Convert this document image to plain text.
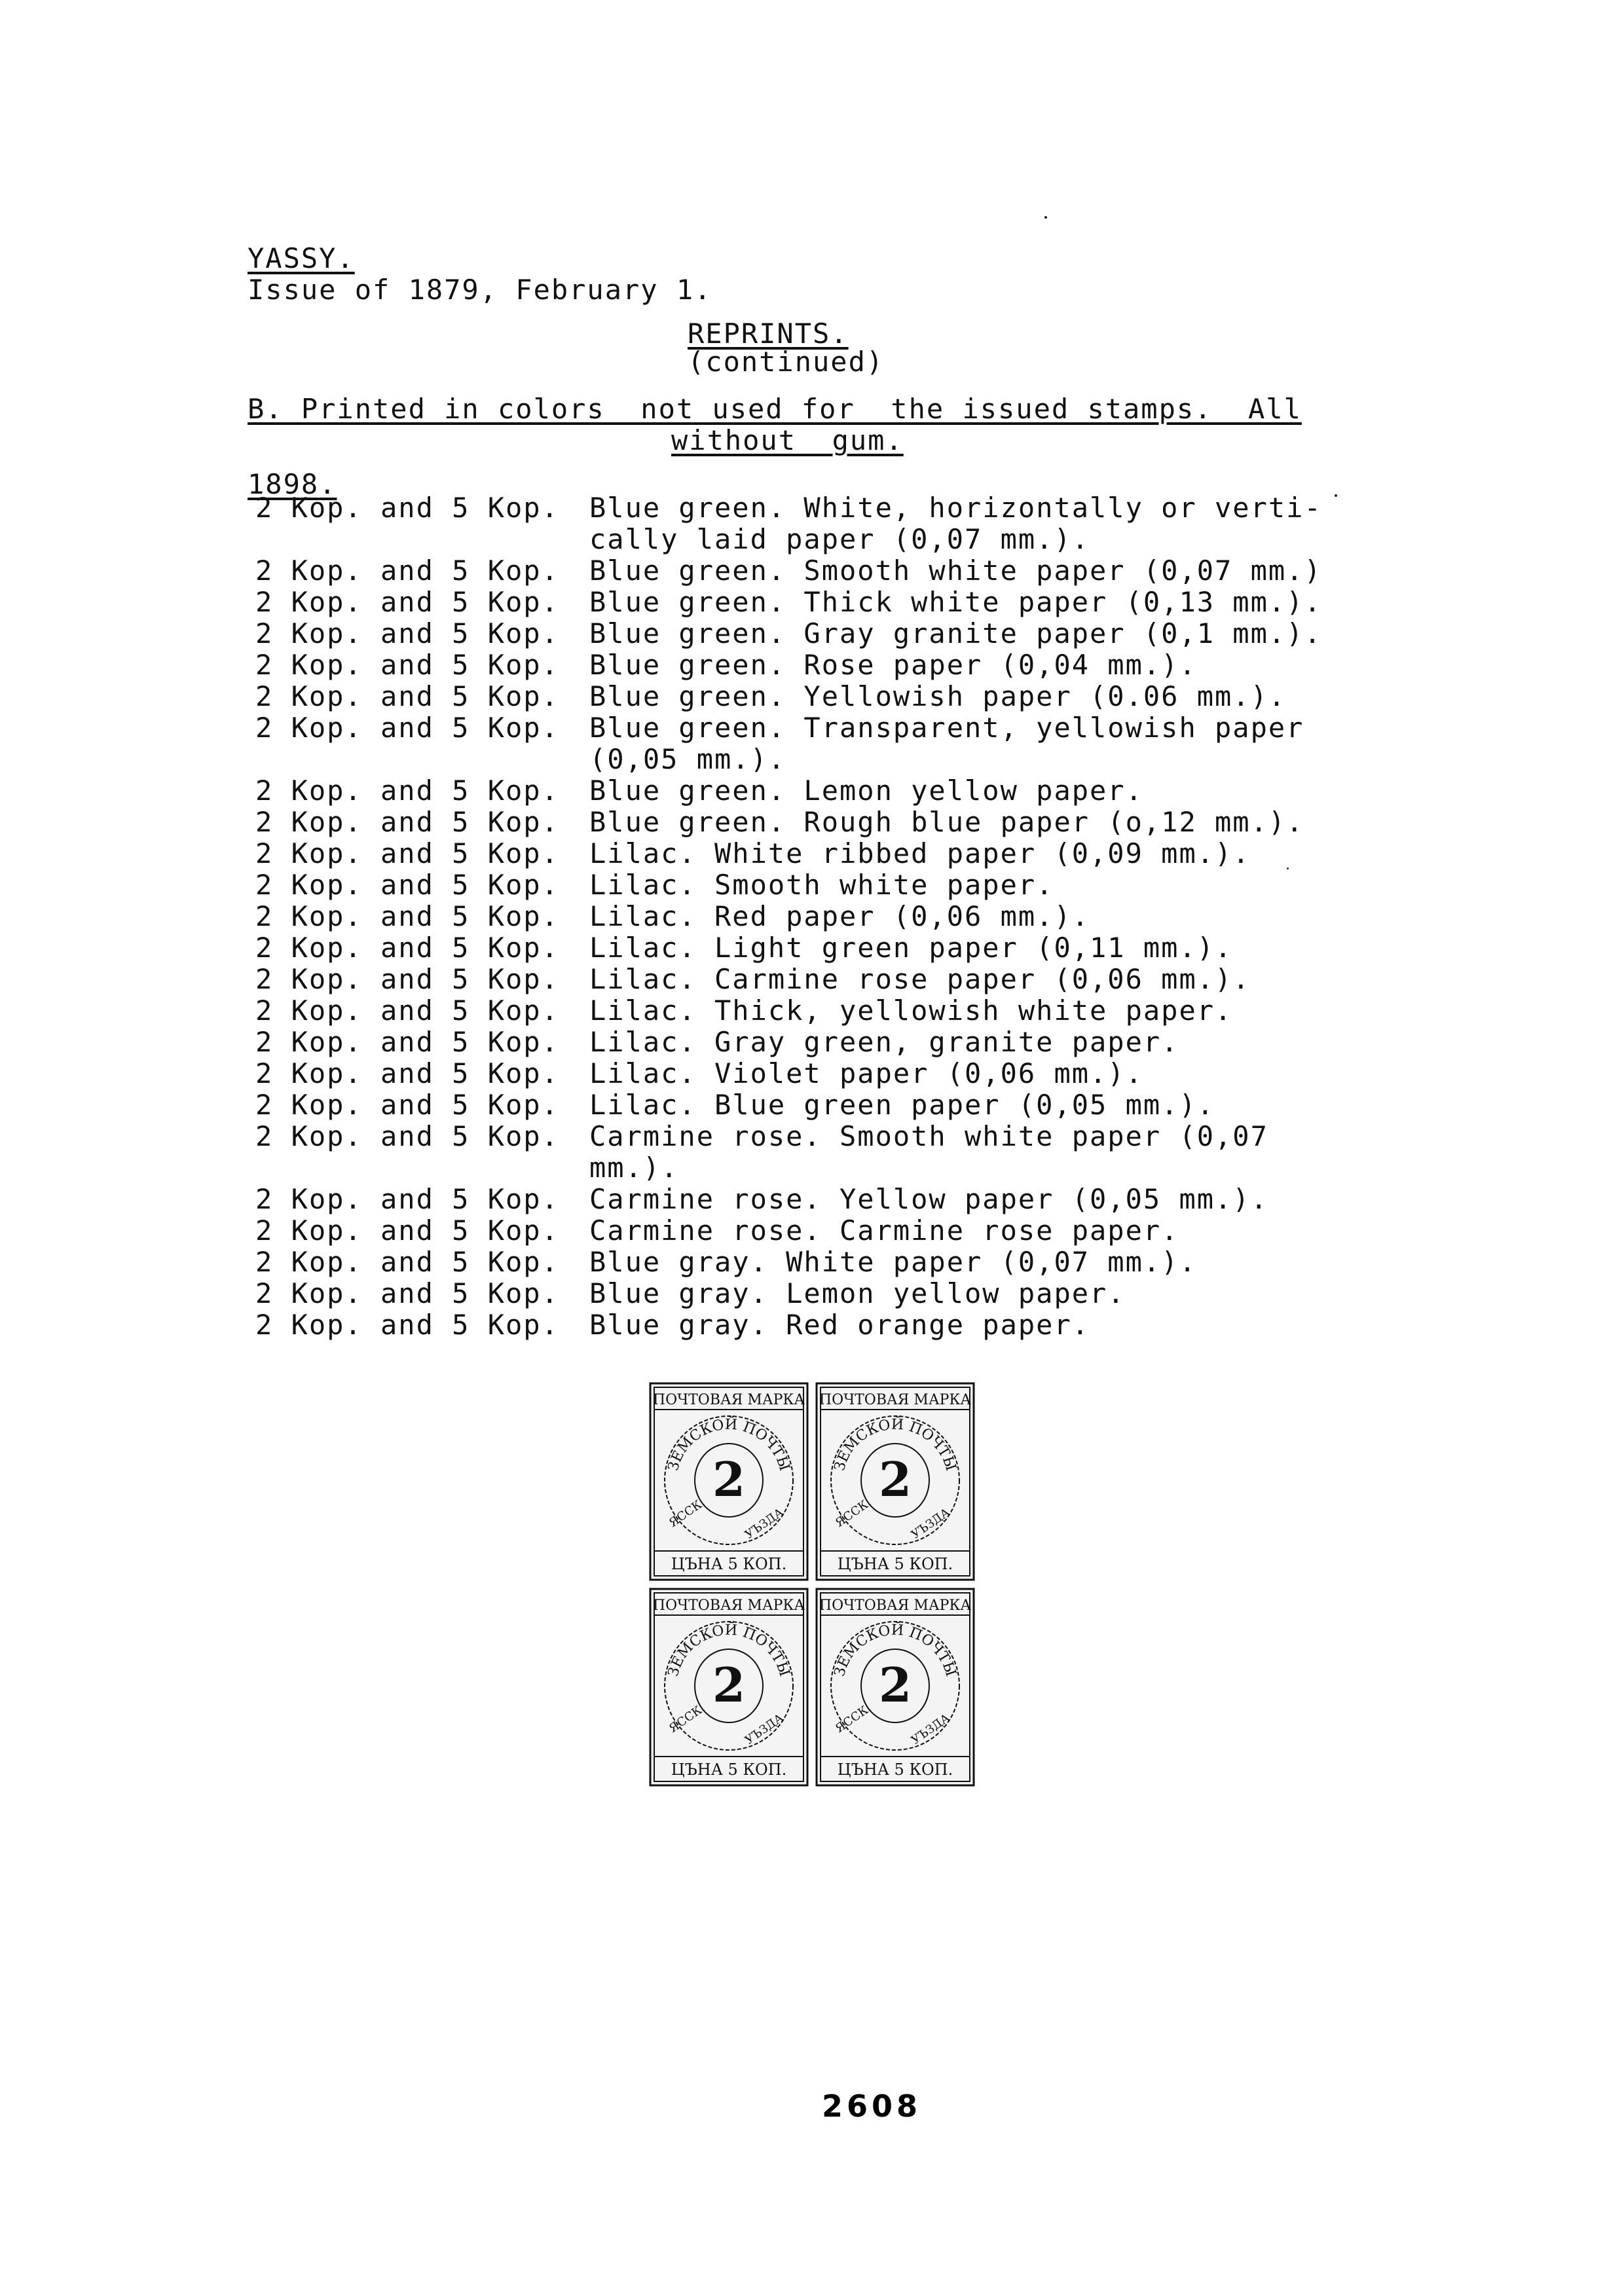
YASSY.
Issue of 1879, February 1.
REPRINTS.
(continued)
B. Printed in colors  not used for  the issued stamps.  All
without  gum.
1898.
2 Kop. and 5 Kop. Blue green. White, horizontally or verti-cally laid paper (0,07 mm.).
2 Kop. and 5 Kop. Blue green. Smooth white paper (0,07 mm.)
2 Kop. and 5 Kop. Blue green. Thick white paper (0,13 mm.).
2 Kop. and 5 Kop. Blue green. Gray granite paper (0,1 mm.).
2 Kop. and 5 Kop. Blue green. Rose paper (0,04 mm.).
2 Kop. and 5 Kop. Blue green. Yellowish paper (0.06 mm.).
2 Kop. and 5 Kop. Blue green. Transparent, yellowish paper (0,05 mm.).
2 Kop. and 5 Kop. Blue green. Lemon yellow paper.
2 Kop. and 5 Kop. Blue green. Rough blue paper (o,12 mm.).
2 Kop. and 5 Kop. Lilac. White ribbed paper (0,09 mm.).
2 Kop. and 5 Kop. Lilac. Smooth white paper.
2 Kop. and 5 Kop. Lilac. Red paper (0,06 mm.).
2 Kop. and 5 Kop. Lilac. Light green paper (0,11 mm.).
2 Kop. and 5 Kop. Lilac. Carmine rose paper (0,06 mm.).
2 Kop. and 5 Kop. Lilac. Thick, yellowish white paper.
2 Kop. and 5 Kop. Lilac. Gray green, granite paper.
2 Kop. and 5 Kop. Lilac. Violet paper (0,06 mm.).
2 Kop. and 5 Kop. Lilac. Blue green paper (0,05 mm.).
2 Kop. and 5 Kop. Carmine rose. Smooth white paper (0,07 mm.).
2 Kop. and 5 Kop. Carmine rose. Yellow paper (0,05 mm.).
2 Kop. and 5 Kop. Carmine rose. Carmine rose paper.
2 Kop. and 5 Kop. Blue gray. White paper (0,07 mm.).
2 Kop. and 5 Kop. Blue gray. Lemon yellow paper.
2 Kop. and 5 Kop. Blue gray. Red orange paper.
ПОЧТОВАЯ МАРКА
ЦЪНА 5 КОП.
ЗЕМСКОЙ ПОЧТЫ
ЯССК.	УЪЗДА
2
ПОЧТОВАЯ МАРКА
ЦЪНА 5 КОП.
ЗЕМСКОЙ ПОЧТЫ
ЯССК.	УЪЗДА
2
ПОЧТОВАЯ МАРКА
ЦЪНА 5 КОП.
ЗЕМСКОЙ ПОЧТЫ
ЯССК.	УЪЗДА
2
ПОЧТОВАЯ МАРКА
ЦЪНА 5 КОП.
ЗЕМСКОЙ ПОЧТЫ
ЯССК.	УЪЗДА
2
2608
